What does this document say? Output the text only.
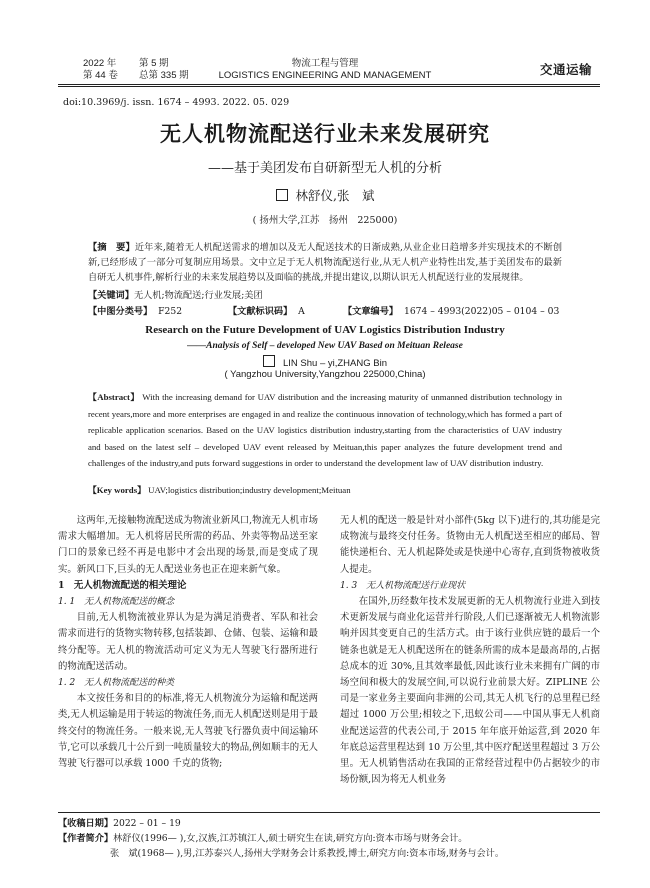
2022 年 第 5 期
第 44 卷 总第 335 期
物流工程与管理
LOGISTICS ENGINEERING AND MANAGEMENT	交通运输
doi:10.3969/j. issn. 1674 – 4993. 2022. 05. 029
无人机物流配送行业未来发展研究
——基于美团发布自研新型无人机的分析
林舒仪,张　斌
( 扬州大学,江苏　扬州　225000)
【摘　要】近年来,随着无人机配送需求的增加以及无人配送技术的日渐成熟,从业企业日趋增多并实现技术的不断创新,已经形成了一部分可复制应用场景。文中立足于无人机物流配送行业,从无人机产业特性出发,基于美团发布的最新自研无人机事件,解析行业的未来发展趋势以及面临的挑战,并提出建议,以期认识无人机配送行业的发展规律。
【关键词】无人机;物流配送;行业发展;美团
【中图分类号】 F252	【文献标识码】 A	【文章编号】 1674 – 4993(2022)05 – 0104 – 03
Research on the Future Development of UAV Logistics Distribution Industry
——Analysis of Self – developed New UAV Based on Meituan Release
LIN Shu – yi,ZHANG Bin
( Yangzhou University,Yangzhou 225000,China)
【Abstract】 With the increasing demand for UAV distribution and the increasing maturity of unmanned distribution technology in recent years,more and more enterprises are engaged in and realize the continuous innovation of technology,which has formed a part of replicable application scenarios. Based on the UAV logistics distribution industry,starting from the characteristics of UAV industry and based on the latest self – developed UAV event released by Meituan,this paper analyzes the future development trend and challenges of the industry,and puts forward suggestions in order to understand the development law of UAV distribution industry.
【Key words】 UAV;logistics distribution;industry development;Meituan

这两年,无接触物流配送成为物流业新风口,物流无人机市场需求大幅增加。无人机将居民所需的药品、外卖等物品送至家门口的景象已经不再是电影中才会出现的场景,而是变成了现实。新风口下,巨头的无人配送业务也正在迎来新气象。

1　无人机物流配送的相关理论

1. 1　无人机物流配送的概念

目前,无人机物流被业界认为是为满足消费者、军队和社会需求而进行的货物实物转移,包括装卸、仓储、包装、运输和最终分配等。无人机的物流活动可定义为无人驾驶飞行器所进行的物流配送活动。

1. 2　无人机物流配送的种类

本文按任务和目的的标准,将无人机物流分为运输和配送两类,无人机运输是用于转运的物流任务,而无人机配送则是用于最终交付的物流任务。一般来说,无人驾驶飞行器负责中间运输环节,它可以承载几十公斤到一吨质量较大的物品,例如顺丰的无人驾驶飞行器可以承载 1000 千克的货物;

无人机的配送一般是针对小部件(5kg 以下)进行的,其功能是完成物流与最终交付任务。货物由无人机配送至相应的邮局、智能快递柜台、无人机起降处或是快递中心寄存,直到货物被收货人提走。

1. 3　无人机物流配送行业现状

在国外,历经数年技术发展更新的无人机物流行业进入到技术更新发展与商业化运营并行阶段,人们已逐渐被无人机物流影响并因其变更自己的生活方式。由于该行业供应链的最后一个链条也就是无人机配送所在的链条所需的成本是最高昂的,占据总成本的近 30%,且其效率最低,因此该行业未来拥有广阔的市场空间和极大的发展空间,可以说行业前景大好。ZIPLINE 公司是一家业务主要面向非洲的公司,其无人机飞行的总里程已经超过 1000 万公里;相较之下,迅蚁公司——中国从事无人机商业配送运营的代表公司,于 2015 年年底开始运营,到 2020 年年底总运营里程达到 10 万公里,其中医疗配送里程超过 3 万公里。无人机销售活动在我国的正常经营过程中仍占据较少的市场份额,因为将无人机业务

【收稿日期】2022 – 01 – 19

【作者简介】林舒仪(1996— ),女,汉族,江苏镇江人,硕士研究生在读,研究方向:资本市场与财务会计。

张　斌(1968— ),男,江苏泰兴人,扬州大学财务会计系教授,博士,研究方向:资本市场,财务与会计。
